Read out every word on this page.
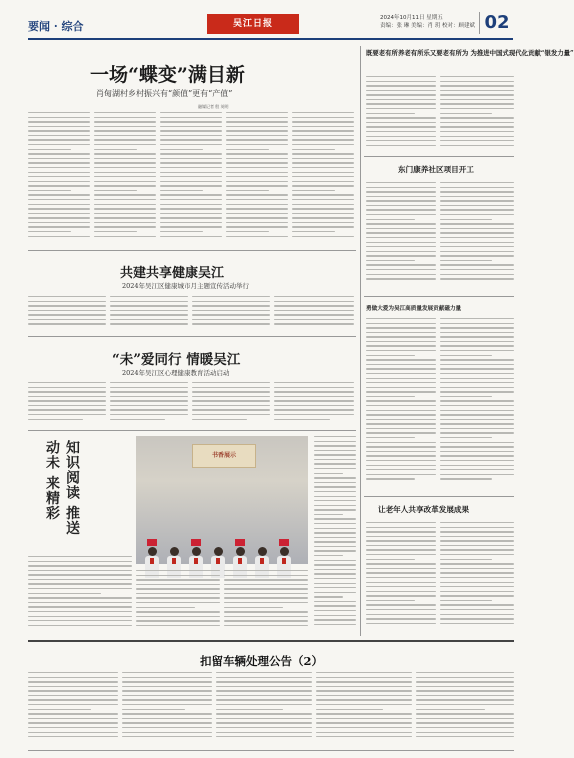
要闻 · 综合	吴江日报
2024年10月11日 星期五
责编：张 琳 美编：肖 玥 校对：顾建斌 02
一场“蝶变”满目新
肖甸湖村乡村振兴有“颜值”更有“产值”
融媒记者 殷 英明
共建共享健康吴江
2024年吴江区健康城市月主题宣传活动举行
“未”爱同行 情暖吴江
2024年吴江区心理健康教育活动启动
知识阅读 推送动未 来精彩	书香展示
既要老有所养老有所乐又要老有所为 为推进中国式现代化贡献“银发力量”
东门康养社区项目开工
勇做大爱为吴江高质量发展贡献磁力量
让老年人共享改革发展成果
扣留车辆处理公告（2）
